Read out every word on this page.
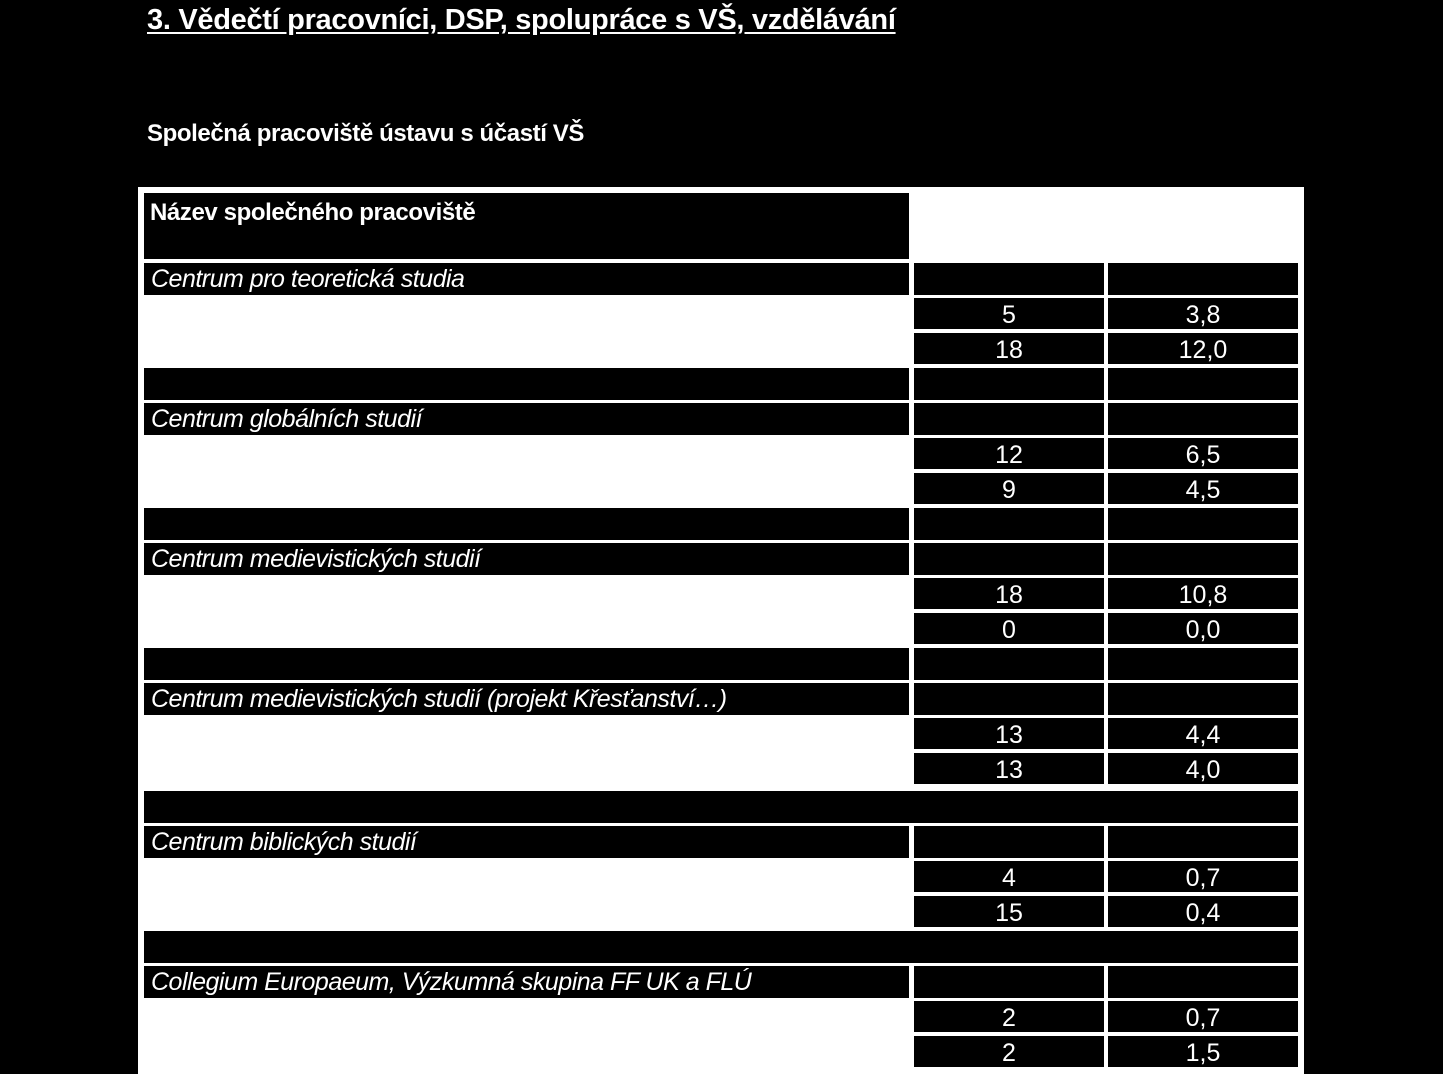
3. Vědečtí pracovníci, DSP, spolupráce s VŠ, vzdělávání
Společná pracoviště ústavu s účastí VŠ
Název společného pracoviště
Centrum pro teoretická studia
5	3,8
18	12,0
Centrum globálních studií
12	6,5
9	4,5
Centrum medievistických studií
18	10,8
0	0,0
Centrum medievistických studií (projekt Křesťanství…)
13	4,4
13	4,0
Centrum biblických studií
4	0,7
15	0,4
Collegium Europaeum, Výzkumná skupina FF UK a FLÚ
2	0,7
2	1,5
